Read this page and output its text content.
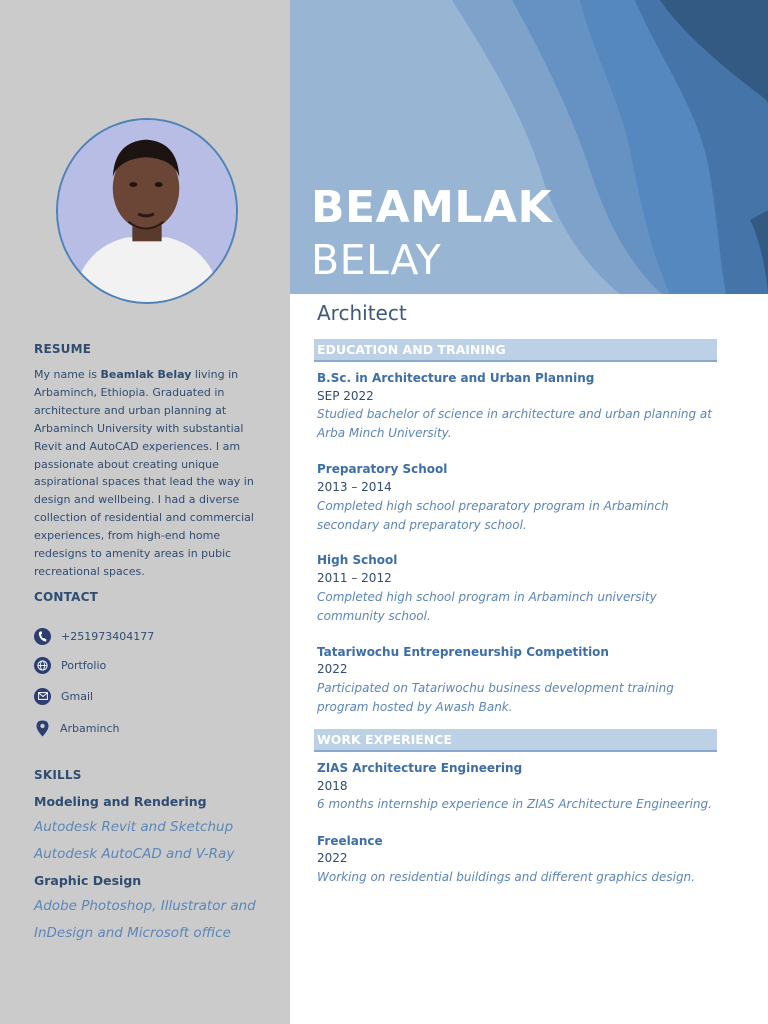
RESUME
My name is Beamlak Belay living in Arbaminch, Ethiopia. Graduated in architecture and urban planning at Arbaminch University with substantial Revit and AutoCAD experiences. I am passionate about creating unique aspirational spaces that lead the way in design and wellbeing. I had a diverse collection of residential and commercial experiences, from high-end home redesigns to amenity areas in pubic recreational spaces.
CONTACT
+251973404177
Portfolio
Gmail
Arbaminch
SKILLS
Modeling and Rendering
Autodesk Revit and Sketchup
Autodesk AutoCAD and V-Ray
Graphic Design
Adobe Photoshop, Illustrator and
InDesign and Microsoft office
BEAMLAK
BELAY
Architect
EDUCATION AND TRAINING
B.Sc. in Architecture and Urban Planning
SEP 2022
Studied bachelor of science in architecture and urban planning at Arba Minch University.
Preparatory School
2013 – 2014
Completed high school preparatory program in Arbaminch secondary and preparatory school.
High School
2011 – 2012
Completed high school program in Arbaminch university community school.
Tatariwochu Entrepreneurship Competition
2022
Participated on Tatariwochu business development training program hosted by Awash Bank.
WORK EXPERIENCE
ZIAS Architecture Engineering
2018
6 months internship experience in ZIAS Architecture Engineering.
Freelance
2022
Working on residential buildings and different graphics design.
